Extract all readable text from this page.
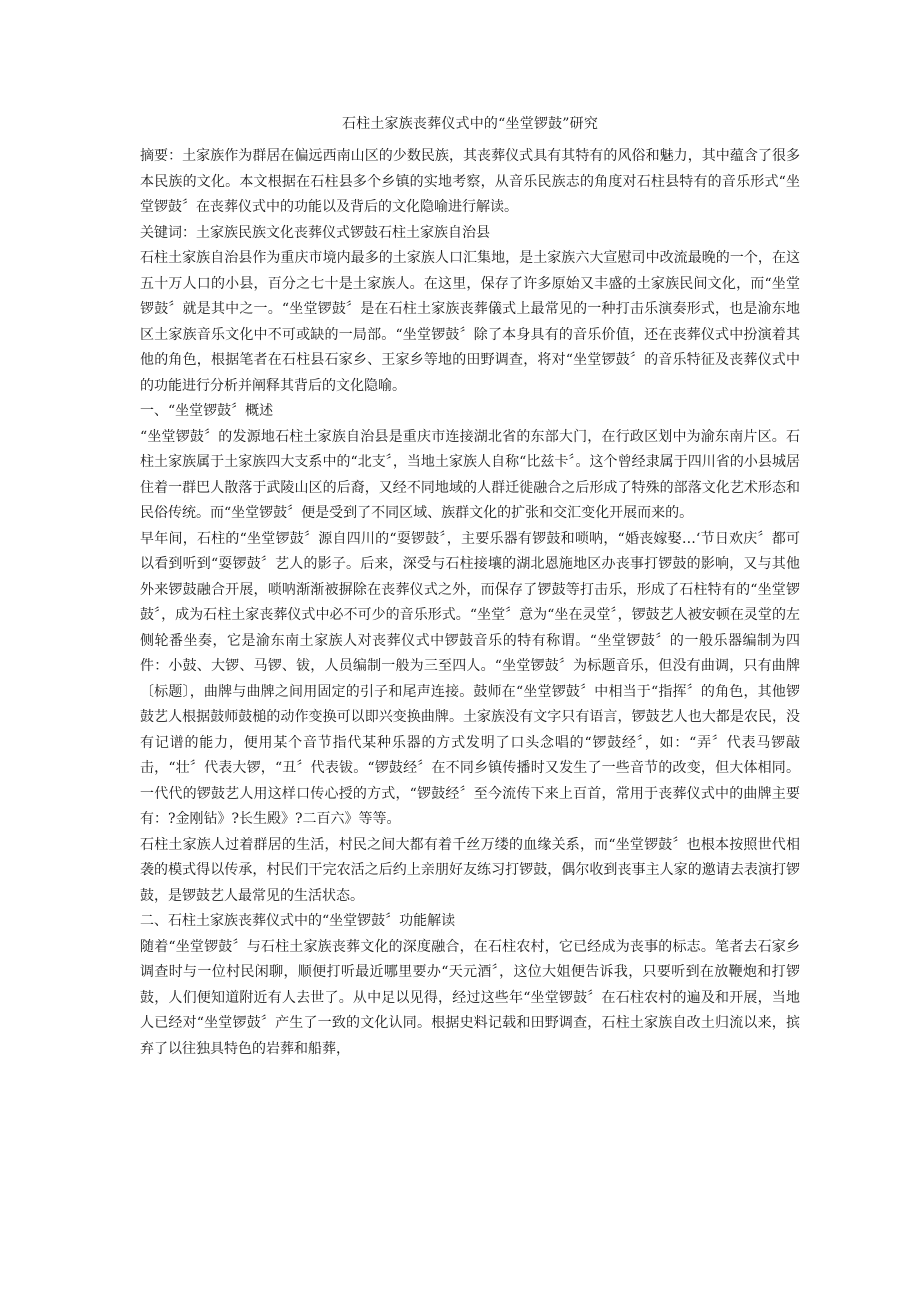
石柱土家族丧葬仪式中的“坐堂锣鼓”研究

摘要：土家族作为群居在偏远西南山区的少数民族，其丧葬仪式具有其特有的风俗和魅力，其中蕴含了很多本民族的文化。本文根据在石柱县多个乡镇的实地考察，从音乐民族志的角度对石柱县特有的音乐形式“坐堂锣鼓〞在丧葬仪式中的功能以及背后的文化隐喻进行解读。

关键词：土家族民族文化丧葬仪式锣鼓石柱土家族自治县

石柱土家族自治县作为重庆市境内最多的土家族人口汇集地，是土家族六大宣慰司中改流最晚的一个，在这五十万人口的小县，百分之七十是土家族人。在这里，保存了许多原始又丰盛的土家族民间文化，而“坐堂锣鼓〞就是其中之一。“坐堂锣鼓〞是在石柱土家族丧葬儀式上最常见的一种打击乐演奏形式，也是渝东地区土家族音乐文化中不可或缺的一局部。“坐堂锣鼓〞除了本身具有的音乐价值，还在丧葬仪式中扮演着其他的角色，根据笔者在石柱县石家乡、王家乡等地的田野调查，将对“坐堂锣鼓〞的音乐特征及丧葬仪式中的功能进行分析并阐释其背后的文化隐喻。

一、“坐堂锣鼓〞概述

“坐堂锣鼓〞的发源地石柱土家族自治县是重庆市连接湖北省的东部大门，在行政区划中为渝东南片区。石柱土家族属于土家族四大支系中的“北支〞，当地土家族人自称“比兹卡〞。这个曾经隶属于四川省的小县城居住着一群巴人散落于武陵山区的后裔，又经不同地域的人群迁徙融合之后形成了特殊的部落文化艺术形态和民俗传统。而“坐堂锣鼓〞便是受到了不同区域、族群文化的扩张和交汇变化开展而来的。

早年间，石柱的“坐堂锣鼓〞源自四川的“耍锣鼓〞，主要乐器有锣鼓和唢呐，“婚丧嫁娶…‘节日欢庆〞都可以看到听到“耍锣鼓〞艺人的影子。后来，深受与石柱接壤的湖北恩施地区办丧事打锣鼓的影响，又与其他外来锣鼓融合开展，唢呐渐渐被摒除在丧葬仪式之外，而保存了锣鼓等打击乐，形成了石柱特有的“坐堂锣鼓〞，成为石柱土家丧葬仪式中必不可少的音乐形式。“坐堂〞意为“坐在灵堂〞，锣鼓艺人被安顿在灵堂的左侧轮番坐奏，它是渝东南土家族人对丧葬仪式中锣鼓音乐的特有称谓。“坐堂锣鼓〞的一般乐器编制为四件：小鼓、大锣、马锣、钹，人员编制一般为三至四人。“坐堂锣鼓〞为标题音乐，但没有曲调，只有曲牌〔标题〕，曲牌与曲牌之间用固定的引子和尾声连接。鼓师在“坐堂锣鼓〞中相当于“指挥〞的角色，其他锣鼓艺人根据鼓师鼓槌的动作变换可以即兴变换曲牌。土家族没有文字只有语言，锣鼓艺人也大都是农民，没有记谱的能力，便用某个音节指代某种乐器的方式发明了口头念唱的“锣鼓经〞，如：“弄〞代表马锣敲击，“壮〞代表大锣，“丑〞代表钹。“锣鼓经〞在不同乡镇传播时又发生了一些音节的改变，但大体相同。一代代的锣鼓艺人用这样口传心授的方式，“锣鼓经〞至今流传下来上百首，常用于丧葬仪式中的曲牌主要有：?金刚钻》?长生殿》?二百六》等等。

石柱土家族人过着群居的生活，村民之间大都有着千丝万缕的血缘关系，而“坐堂锣鼓〞也根本按照世代相袭的模式得以传承，村民们干完农活之后约上亲朋好友练习打锣鼓，偶尔收到丧事主人家的邀请去表演打锣鼓，是锣鼓艺人最常见的生活状态。

二、石柱土家族丧葬仪式中的“坐堂锣鼓〞功能解读

随着“坐堂锣鼓〞与石柱土家族丧葬文化的深度融合，在石柱农村，它已经成为丧事的标志。笔者去石家乡调查时与一位村民闲聊，顺便打听最近哪里要办“天元酒〞，这位大姐便告诉我，只要听到在放鞭炮和打锣鼓，人们便知道附近有人去世了。从中足以见得，经过这些年“坐堂锣鼓〞在石柱农村的遍及和开展，当地人已经对“坐堂锣鼓〞产生了一致的文化认同。根据史料记载和田野调查，石柱土家族自改土归流以来，摈弃了以往独具特色的岩葬和船葬，
